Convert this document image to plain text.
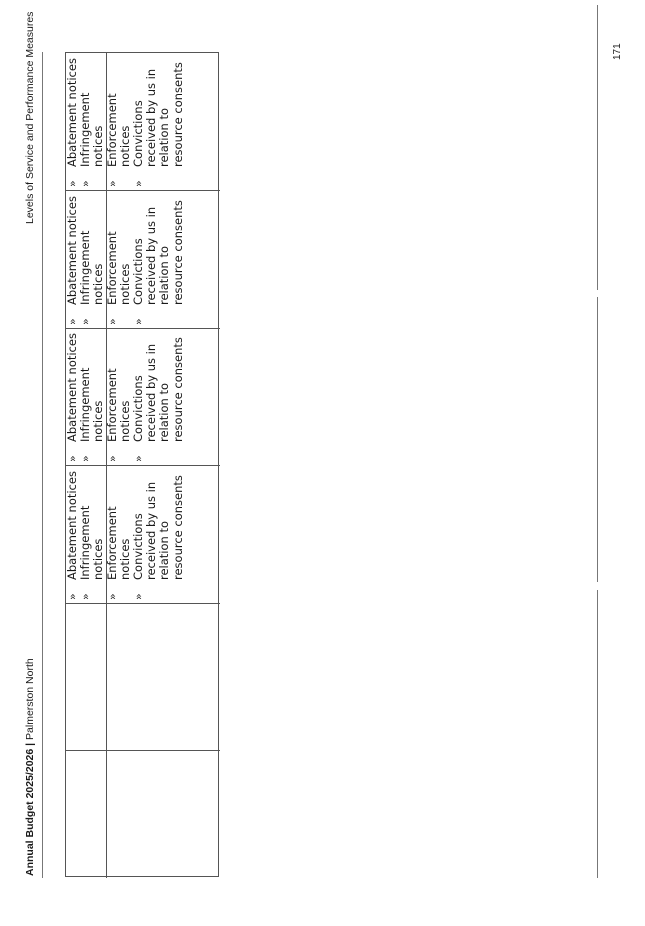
Annual Budget 2025/2026 | Palmerston North
Levels of Service and Performance Measures	171
»
Abatement notices
»
Infringement notices
»
Enforcement notices
»
Convictions received by us in relation to resource consents
»
Abatement notices
»
Infringement notices
»
Enforcement notices
»
Convictions received by us in relation to resource consents
»
Abatement notices
»
Infringement notices
»
Enforcement notices
»
Convictions received by us in relation to resource consents
»
Abatement notices
»
Infringement notices
»
Enforcement notices
»
Convictions received by us in relation to resource consents
